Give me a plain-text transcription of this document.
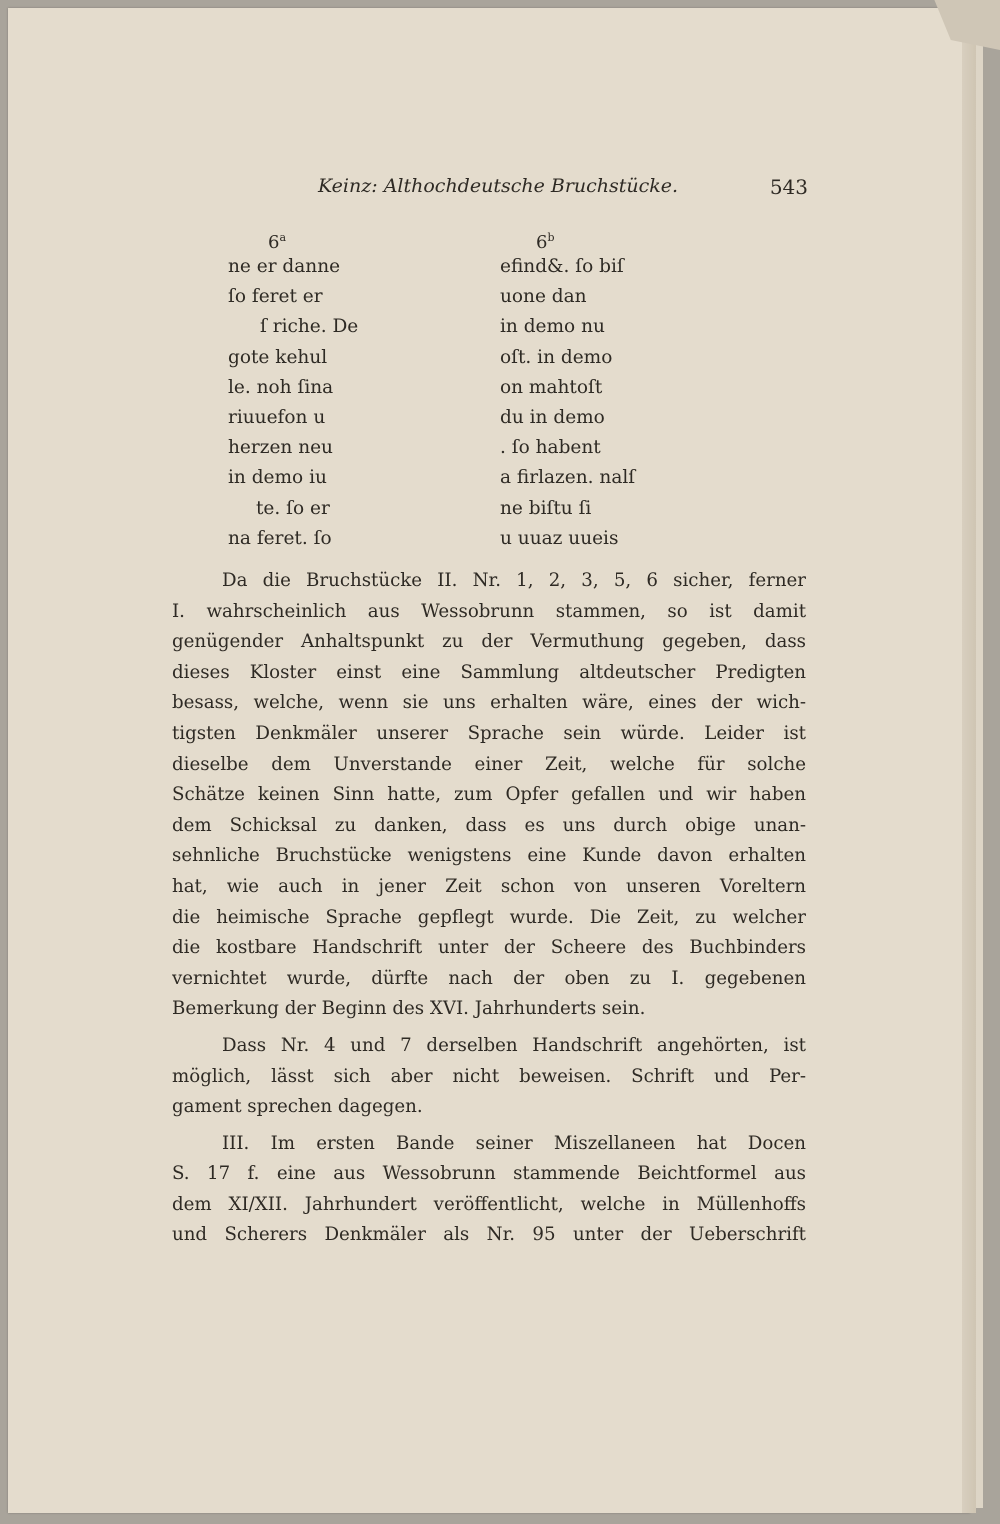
Keinz: Althochdeutsche Bruchstücke.	543
6$^a$
ne er danne
ſo feret er
ſ riche. De
gote kehul
le. noh ſina
riuuefon u
herzen neu
in demo iu
te. ſo er
na feret. ſo
6$^b$
efind&. ſo biſ
uone dan
in demo nu
oſt. in demo
on mahtoſt
du in demo
. ſo habent
a firlazen. nalſ
ne biſtu ſi
u uuaz uueis
Da die Bruchstücke II. Nr. 1, 2, 3, 5, 6 sicher, ferner
I. wahrscheinlich aus Wessobrunn stammen, so ist damit
genügender Anhaltspunkt zu der Vermuthung gegeben, dass
dieses Kloster einst eine Sammlung altdeutscher Predigten
besass, welche, wenn sie uns erhalten wäre, eines der wich-
tigsten Denkmäler unserer Sprache sein würde. Leider ist
dieselbe dem Unverstande einer Zeit, welche für solche
Schätze keinen Sinn hatte, zum Opfer gefallen und wir haben
dem Schicksal zu danken, dass es uns durch obige unan-
sehnliche Bruchstücke wenigstens eine Kunde davon erhalten
hat, wie auch in jener Zeit schon von unseren Voreltern
die heimische Sprache gepflegt wurde. Die Zeit, zu welcher
die kostbare Handschrift unter der Scheere des Buchbinders
vernichtet wurde, dürfte nach der oben zu I. gegebenen
Bemerkung der Beginn des XVI. Jahrhunderts sein.
Dass Nr. 4 und 7 derselben Handschrift angehörten, ist
möglich, lässt sich aber nicht beweisen. Schrift und Per-
gament sprechen dagegen.
III. Im ersten Bande seiner Miszellaneen hat Docen
S. 17 f. eine aus Wessobrunn stammende Beichtformel aus
dem XI/XII. Jahrhundert veröffentlicht, welche in Müllenhoffs
und Scherers Denkmäler als Nr. 95 unter der Ueberschrift
